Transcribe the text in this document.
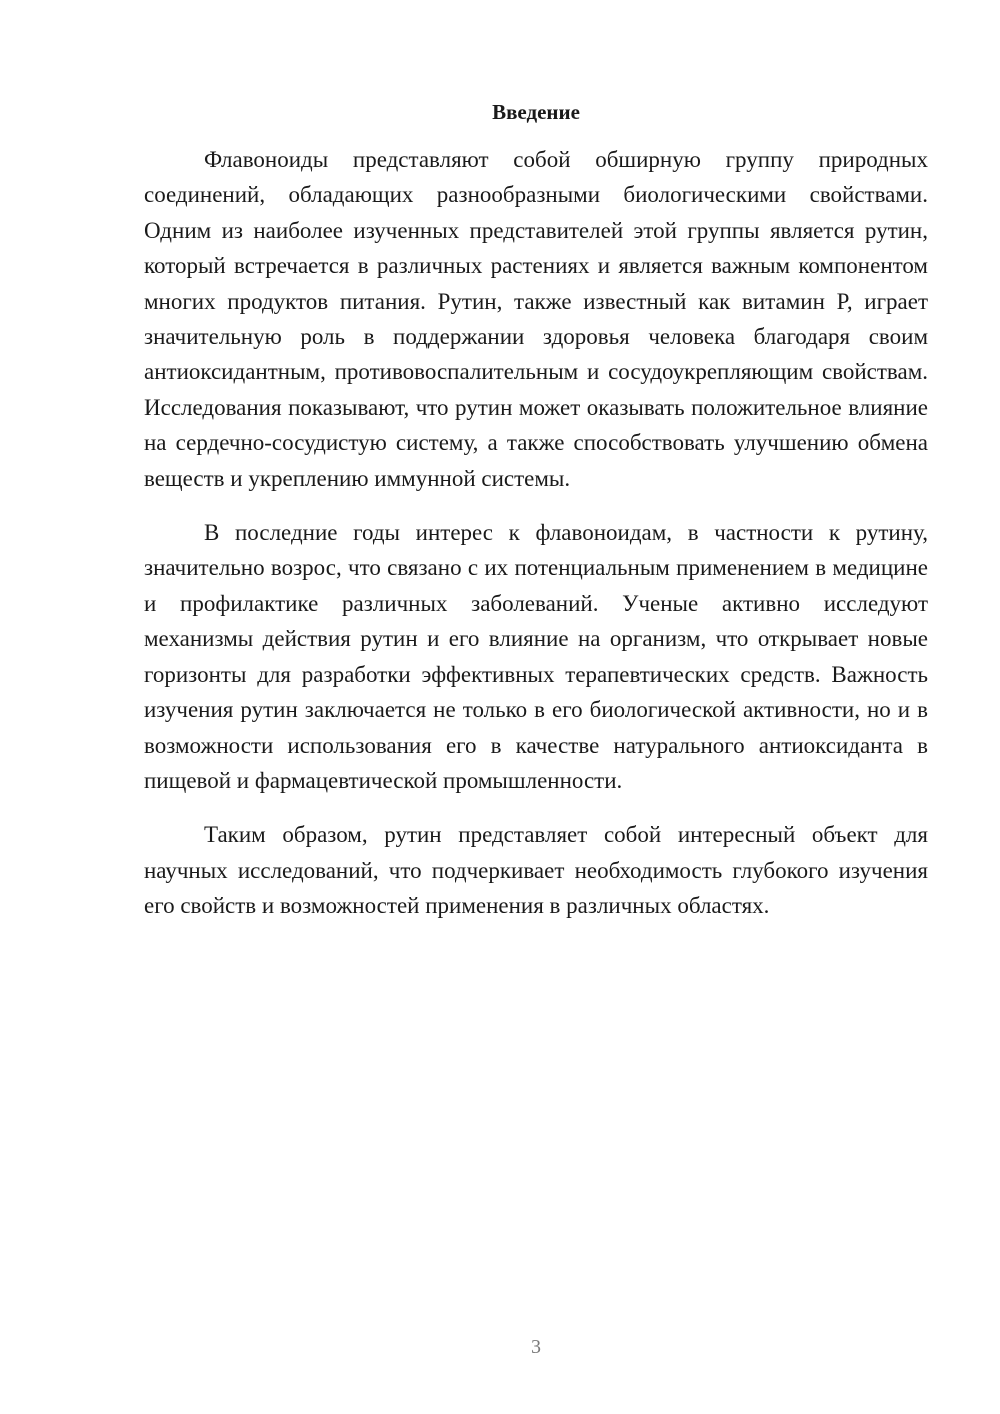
Введение

Флавоноиды представляют собой обширную группу природных соединений, обладающих разнообразными биологическими свойствами. Одним из наиболее изученных представителей этой группы является рутин, который встречается в различных растениях и является важным компонентом многих продуктов питания. Рутин, также известный как витамин P, играет значительную роль в поддержании здоровья человека благодаря своим антиоксидантным, противовоспалительным и сосудоукрепляющим свойствам. Исследования показывают, что рутин может оказывать положительное влияние на сердечно-сосудистую систему, а также способствовать улучшению обмена веществ и укреплению иммунной системы.

В последние годы интерес к флавоноидам, в частности к рутину, значительно возрос, что связано с их потенциальным применением в медицине и профилактике различных заболеваний. Ученые активно исследуют механизмы действия рутин и его влияние на организм, что открывает новые горизонты для разработки эффективных терапевтических средств. Важность изучения рутин заключается не только в его биологической активности, но и в возможности использования его в качестве натурального антиоксиданта в пищевой и фармацевтической промышленности.

Таким образом, рутин представляет собой интересный объект для научных исследований, что подчеркивает необходимость глубокого изучения его свойств и возможностей применения в различных областях.

3
